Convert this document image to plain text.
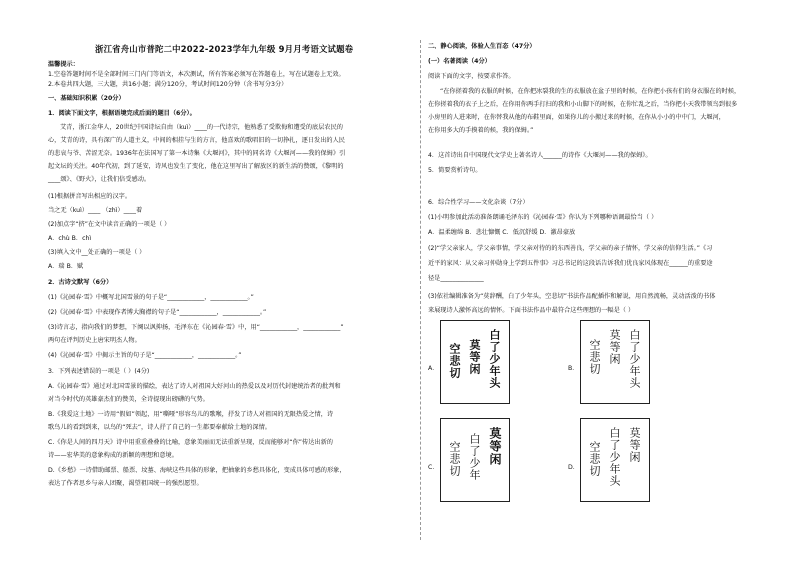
浙江省舟山市普陀二中2022-2023学年九年级 9月月考语文试题卷
温馨提示：
1.空卷答题时间不是全部时间三门内门等语文，本次测试，所有答案必须写在答题卷上，写在试题卷上无效。
2.本卷共四大题，三大题，共16小题；满分120分，考试时间120分钟（含书写分3分）
一、基础知识积累（20分）
1．阅读下面文字，根据语境完成后面的题目（6分）。
艾青，浙江金华人，20世纪中国诗坛自由（kuì）____的一代诗宗，他熟悉了受欺侮和遭受的底层农民的
心，艾青的诗，具有深广的人道主义，中间的相挂与生的方言，他喜欢的歌唱旧的一切挣扎，逐日发出的人民
的悲哀与爷、苦涩无奈。1936年在法国写了第一本诗集《大堰河》，其中的同名诗《大堰河——我的保姆》引
起文坛的关注。40年代初，到了延安，诗风也发生了变化，他在这里写出了解放区的新生活的赞颂，《黎明的
____颂》、《野火》，让我们倍受感动。
(1)根据拼音写出相应的汉字。
当之无（kuì）____ （zhì）____着
(2)加点字“挤”在文中读音正确的一项是（ ）
A．chù B．chì
(3)填入文中__处正确的一项是（ ）
A．瑞 B．赋
2．古诗文默写（6分）
(1)《沁园春·雪》中概写北国雪景的句子是“____________，____________。”
(2)《沁园春·雪》中表现作者博大胸襟的句子是“____________，____________。”
(3)诗言志，指向我们的梦想，下阕以讽抑扬，毛泽东在《沁园春·雪》中，用“____________，____________”
两句在评判历史上唐宋明杰人物。
(4)《沁园春·雪》中揭示主旨的句子是“____________，____________。”
3．下列表述错误的一项是（ ）(4分)
A.《沁园春·雪》通过对北国雪景的描绘，表达了诗人对祖国大好河山的热爱以及对历代封建统治者的批判和
对当今时代的英雄豪杰们的赞美，全诗提现出磅礴的气势。
B.《我爱这土地》一诗用“假如”领起，用“嘶哑”形容鸟儿的歌喉，抒发了诗人对祖国的无限热爱之情，诗
歌鸟儿的看到到来，以鸟的“死去”，诗人抒了自己的一生都要奉献给土地的深情。
C.《你是人间的四月天》诗中用重重叠叠的比喻，意象美丽而无法重新呈现，反而能够对“你”传达出新的
诗——宏华美的意象构成的新颖的理想和意境。
D.《乡愁》一诗借助邮票、船票、坟墓、海峡这些具体的形象，把抽象的乡愁具体化，变成具体可感的形象，
表达了作者思乡与亲人团聚，渴望祖国统一的强烈愿望。
二、静心阅读，体验人生百态（47分）
(一）名著阅读（4分）
阅读下面的文字，按要求作答。
“在你搓着我的衣服的时候，在你把冰裂我的生的衣服放在盆子里的时候，在你把小孩有们的身衣服在的时候，
在你搓着我的衣子上之后，在你用你两手打扫的我和小山脚下的时候，在你忙乱之后，当你把小天我带领鸟到很多
小房里的人进来时，在你替我从他的布鞋里面，如果你儿的小搬过来的时候，在你从小小的中中门，大堰河，
在你用多大的手摸着的候，我的保姆。”
4．这首诗出自中国现代文学史上著名诗人______的诗作《大堰河——我的保姆》。
5．简要赏析诗句。
6．综合性学习——文化杂谈（7分）
(1)小明参加此活动准备朗诵毛泽东的《沁园春·雪》你认为下列哪种语调最恰当（ ）
A．温柔缠绵 B．悲壮慷慨 C．低沉舒缓 D．激昂豪放
(2)“学父亲家人，学父亲事情，学父亲对待的的东西善良，学父亲的亲子情怀，学父亲的信仰生活。”《习
近平的家风：从父亲习仲勋身上学到五件事》习总书记的这段话告诉我们优良家风体现在______的重要途
径是______________
(3)依社编辑准备为“莫辞酬，白了少年头，空悲切”书法作品配插作和解说，用自然流畅，灵动活泼的书体
来展现诗人激怀高远的情怀。下面书法作品中最符合这些理想的一幅是（ ）
A．	白了少年头
莫等闲
空悲切	B．	白了少年头
莫等闲
空悲切
C．
莫等闲
白了少年
空悲切	D．
莫等闲
白了少年头
空悲切
